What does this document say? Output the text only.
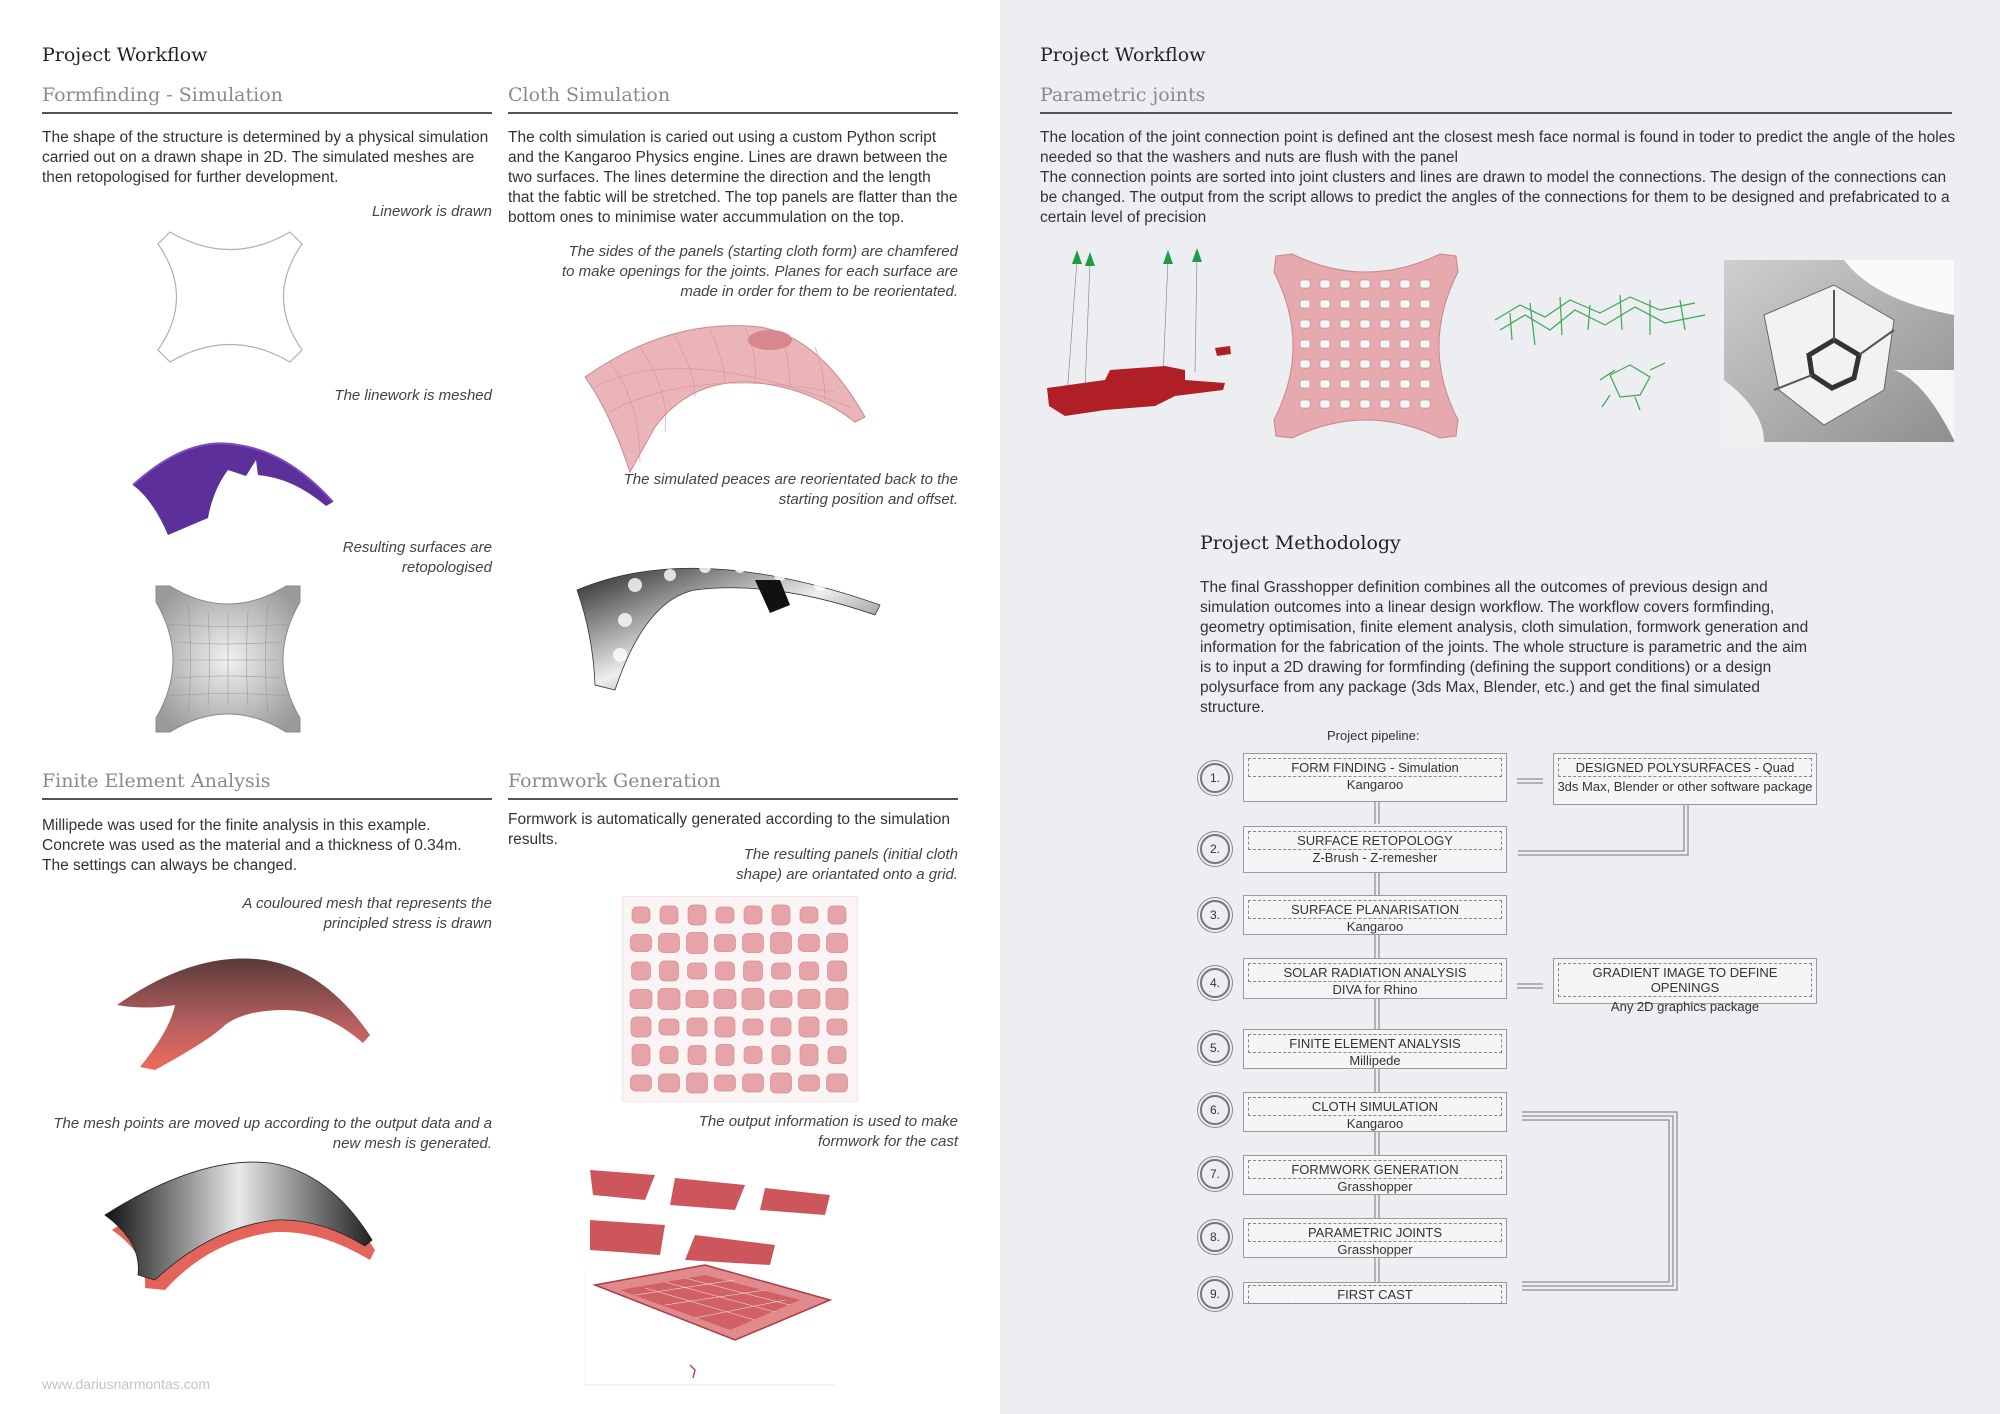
Project Workflow
Formfinding - Simulation
The shape of the structure is determined by a physical simulation carried out on a drawn shape in 2D. The simulated meshes are then retopologised for further development.
Linework is drawn
The linework is meshed
Resulting surfaces are retopologised
Cloth Simulation
The colth simulation is caried out using a custom Python script and the Kangaroo Physics engine. Lines are drawn between the two surfaces. The lines determine the direction and the length that the fabtic will be stretched. The top panels are flatter than the bottom ones to minimise water accummulation on the top.
The sides of the panels (starting cloth form) are chamfered to make openings for the joints. Planes for each surface are made in order for them to be reorientated.
The simulated peaces are reorientated back to the starting position and offset.
Finite Element Analysis
Millipede was used for the finite analysis in this example. Concrete was used as the material and a thickness of 0.34m. The settings can always be changed.
A couloured mesh that represents the principled stress is drawn
The mesh points are moved up according to the output data and a new mesh is generated.
Formwork Generation
Formwork is automatically generated according to the simulation results.
The resulting panels (initial cloth shape) are oriantated onto a grid.
The output information is used to make formwork for the cast
www.dariusnarmontas.com
Project Workflow
Parametric joints
The location of the joint connection point is defined ant the closest mesh face normal is found in toder to predict the angle of the holes needed so that the washers and nuts are flush with the panel
The connection points are sorted into joint clusters and lines are drawn to model the connections. The design of the connections can be changed. The output from the script allows to predict the angles of the connections for them to be designed and prefabricated to a certain level of precision
Project Methodology
The final Grasshopper definition combines all the outcomes of previous design and simulation outcomes into a linear design workflow. The workflow covers formfinding, geometry optimisation, finite element analysis, cloth simulation, formwork generation and information for the fabrication of the joints. The whole structure is parametric and the aim is to input a 2D drawing for formfinding (defining the support conditions) or a design polysurface from any package (3ds Max, Blender, etc.) and get the final simulated structure.
Project pipeline:
1.
FORM FINDING - Simulation
Kangaroo
2.
SURFACE RETOPOLOGY
Z-Brush - Z-remesher
3.	SURFACE PLANARISATION
Kangaroo
4.
SOLAR RADIATION ANALYSIS
DIVA for Rhino
5.	FINITE ELEMENT ANALYSIS
Millipede
6.	CLOTH SIMULATION
Kangaroo
7.	FORMWORK GENERATION
Grasshopper
8.	PARAMETRIC JOINTS
Grasshopper
9.	FIRST CAST
DESIGNED POLYSURFACES - Quad
3ds Max, Blender or other software package
GRADIENT IMAGE TO DEFINE OPENINGS
Any 2D graphics package
